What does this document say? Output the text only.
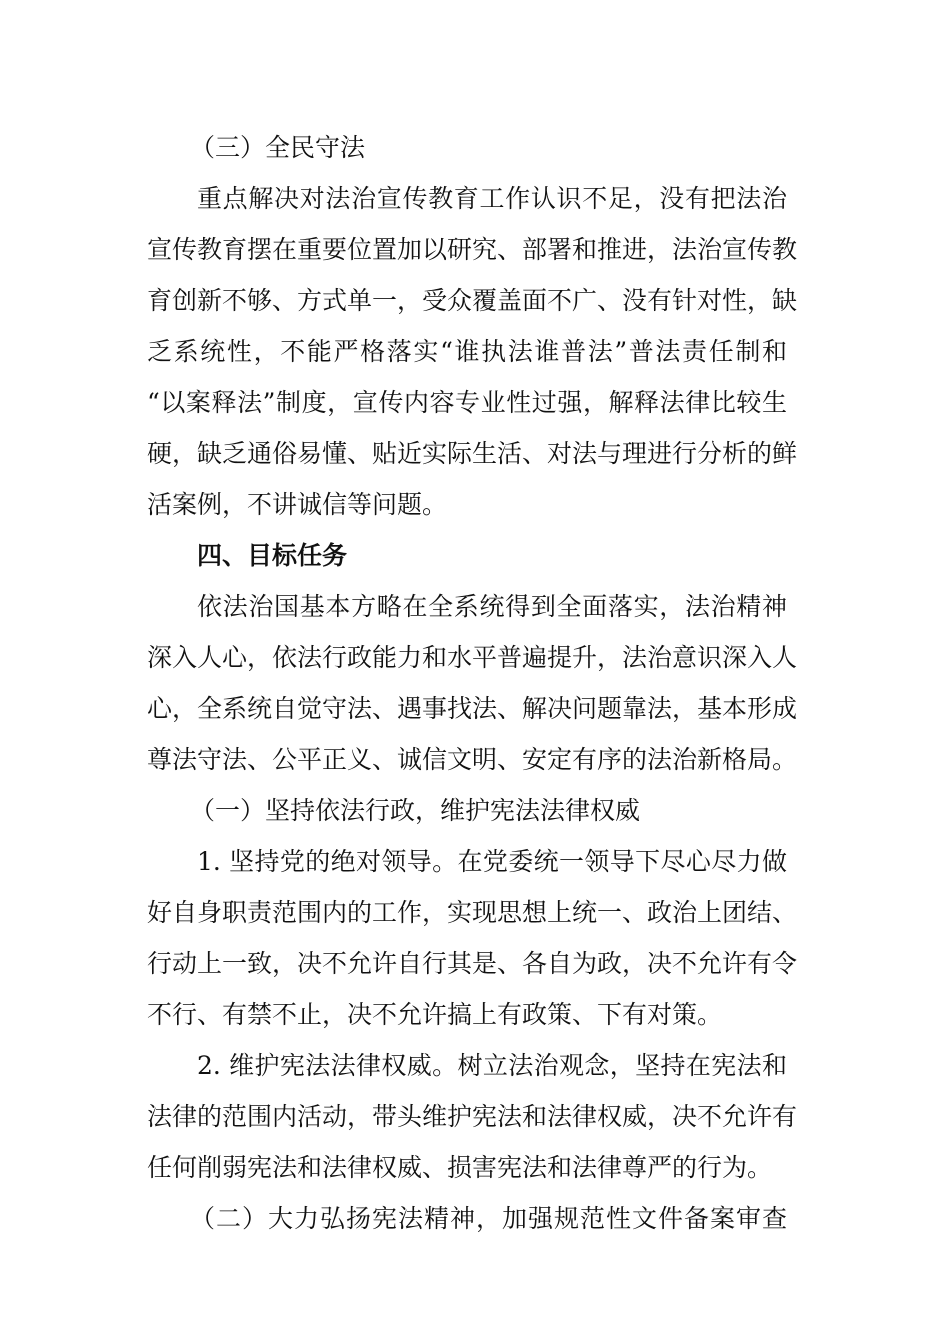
（三）全民守法
重点解决对法治宣传教育工作认识不足，没有把法治
宣传教育摆在重要位置加以研究、部署和推进，法治宣传教
育创新不够、方式单一，受众覆盖面不广、没有针对性，缺
乏系统性，不能严格落实“谁执法谁普法”普法责任制和
“以案释法”制度，宣传内容专业性过强，解释法律比较生
硬，缺乏通俗易懂、贴近实际生活、对法与理进行分析的鲜
活案例，不讲诚信等问题。
四、目标任务
依法治国基本方略在全系统得到全面落实，法治精神
深入人心，依法行政能力和水平普遍提升，法治意识深入人
心，全系统自觉守法、遇事找法、解决问题靠法，基本形成
尊法守法、公平正义、诚信文明、安定有序的法治新格局。
（一）坚持依法行政，维护宪法法律权威
1. 坚持党的绝对领导。在党委统一领导下尽心尽力做
好自身职责范围内的工作，实现思想上统一、政治上团结、
行动上一致，决不允许自行其是、各自为政，决不允许有令
不行、有禁不止，决不允许搞上有政策、下有对策。
2. 维护宪法法律权威。树立法治观念，坚持在宪法和
法律的范围内活动，带头维护宪法和法律权威，决不允许有
任何削弱宪法和法律权威、损害宪法和法律尊严的行为。
（二）大力弘扬宪法精神，加强规范性文件备案审查
